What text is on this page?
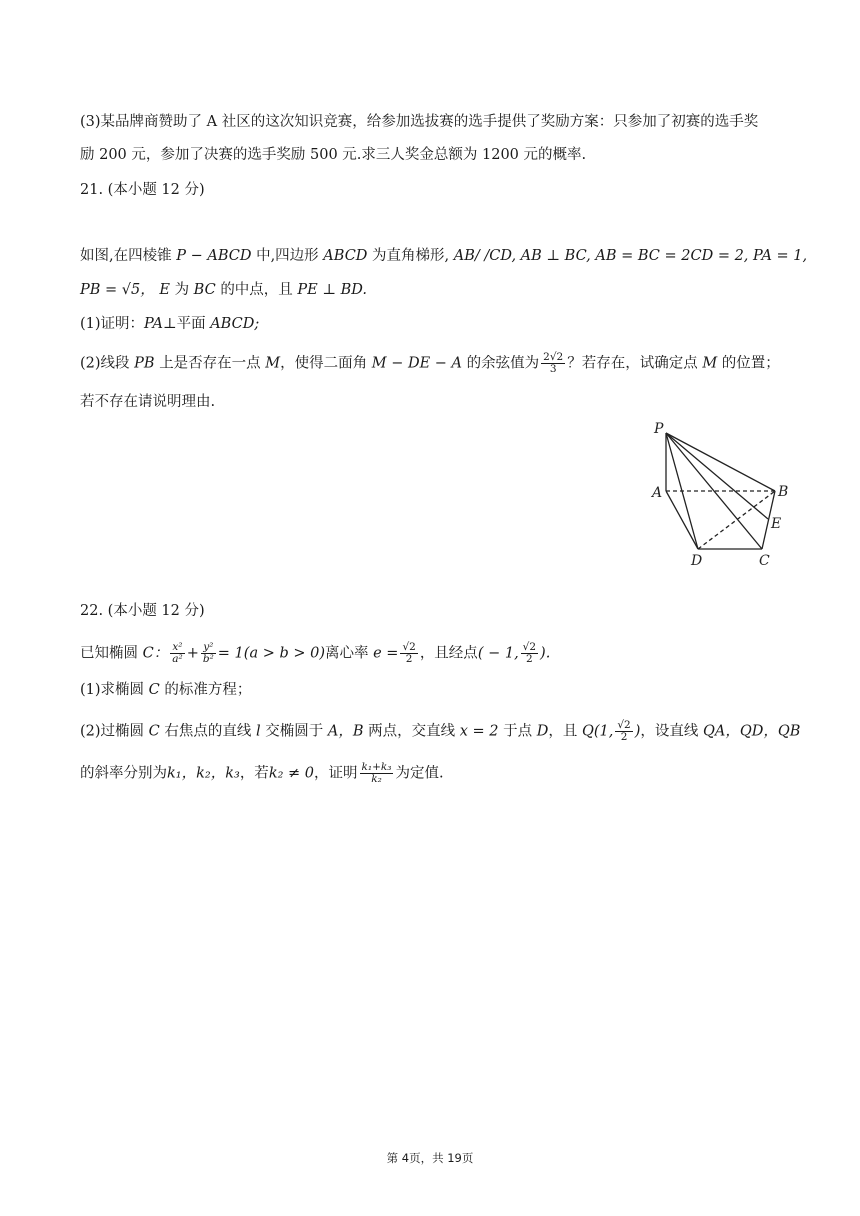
(3)某品牌商赞助了 A 社区的这次知识竞赛，给参加选拔赛的选手提供了奖励方案：只参加了初赛的选手奖
励 200 元，参加了决赛的选手奖励 500 元.求三人奖金总额为 1200 元的概率.
21. (本小题 12 分)
如图,在四棱锥 P − ABCD 中,四边形 ABCD 为直角梯形, AB/ /CD, AB ⊥ BC, AB = BC = 2CD = 2, PA = 1,
PB = √5， E 为 BC 的中点，且 PE ⊥ BD.
(1)证明：PA⊥平面 ABCD;
(2)线段 PB 上是否存在一点 M，使得二面角 M − DE − A 的余弦值为 $\frac{2√2}{3}$ ？若存在，试确定点 M 的位置；
若不存在请说明理由.
P
A	B
E
D	C
22. (本小题 12 分)
已知椭圆 C： $\frac{\text{x²}}{\text{a²}} + \frac{\text{y²}}{\text{b²}} = 1(a > b > 0)$离心率 $e = \frac{√2}{2}$ ，且经点( − 1, $\frac{√2}{2}$ ).
(1)求椭圆 C 的标准方程；
(2)过椭圆 C 右焦点的直线 l 交椭圆于 A，B 两点，交直线 x = 2 于点 D，且 Q(1, $\frac{√2}{2}$ )，设直线 QA，QD，QB
的斜率分别为k₁，k₂，k₃，若k₂ ≠ 0，证明 $\frac{\text{k₁+k₃}}{\text{k₂}}$ 为定值.
第 4页，共 19页
